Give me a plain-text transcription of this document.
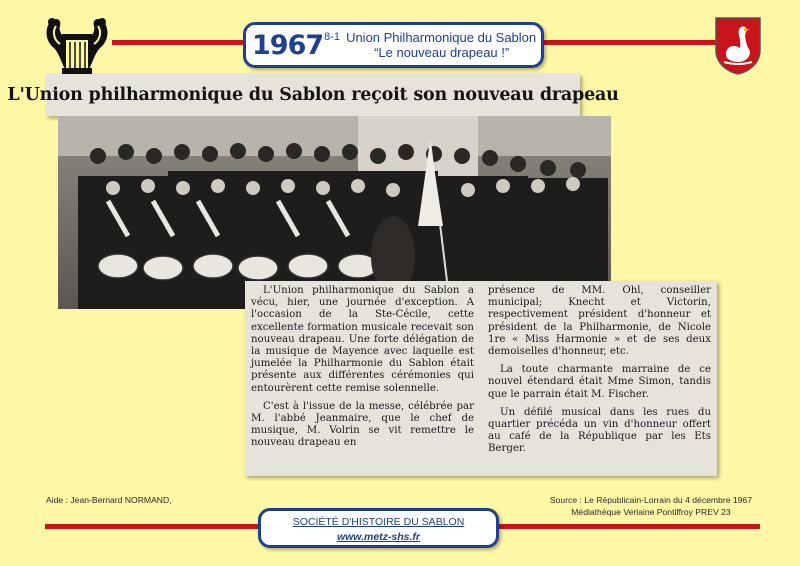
1967 8-1 Union Philharmonique du Sablon
“Le nouveau drapeau !”
L'Union philharmonique du Sablon reçoit son nouveau drapeau

L'Union philharmonique du Sablon a vécu, hier, une journée d'exception. A l'occasion de la Ste-Cécile, cette excellente formation musicale recevait son nouveau drapeau. Une forte délégation de la musique de Mayence avec laquelle est jumelée la Philharmonie du Sablon était présente aux différentes cérémonies qui entourèrent cette remise solennelle.

C'est à l'issue de la messe, célébrée par M. l'abbé Jeanmaire, que le chef de musique, M. Volrin se vit remettre le nouveau drapeau en

présence de MM. Ohl, conseiller municipal; Knecht et Victorin, respectivement président d'honneur et président de la Philharmonie, de Nicole 1re « Miss Harmonie » et de ses deux demoiselles d'honneur, etc.

La toute charmante marraine de ce nouvel étendard était Mme Simon, tandis que le parrain était M. Fischer.

Un défilé musical dans les rues du quartier précéda un vin d'honneur offert au café de la République par les Ets Berger.

Aide : Jean-Bernard NORMAND,	Source : Le Républicain-Lorrain du 4 décembre 1967
Médiathèque Verlaine Pontiffroy PREV 23
SOCIÉTÉ D'HISTOIRE DU SABLON
www.metz-shs.fr
